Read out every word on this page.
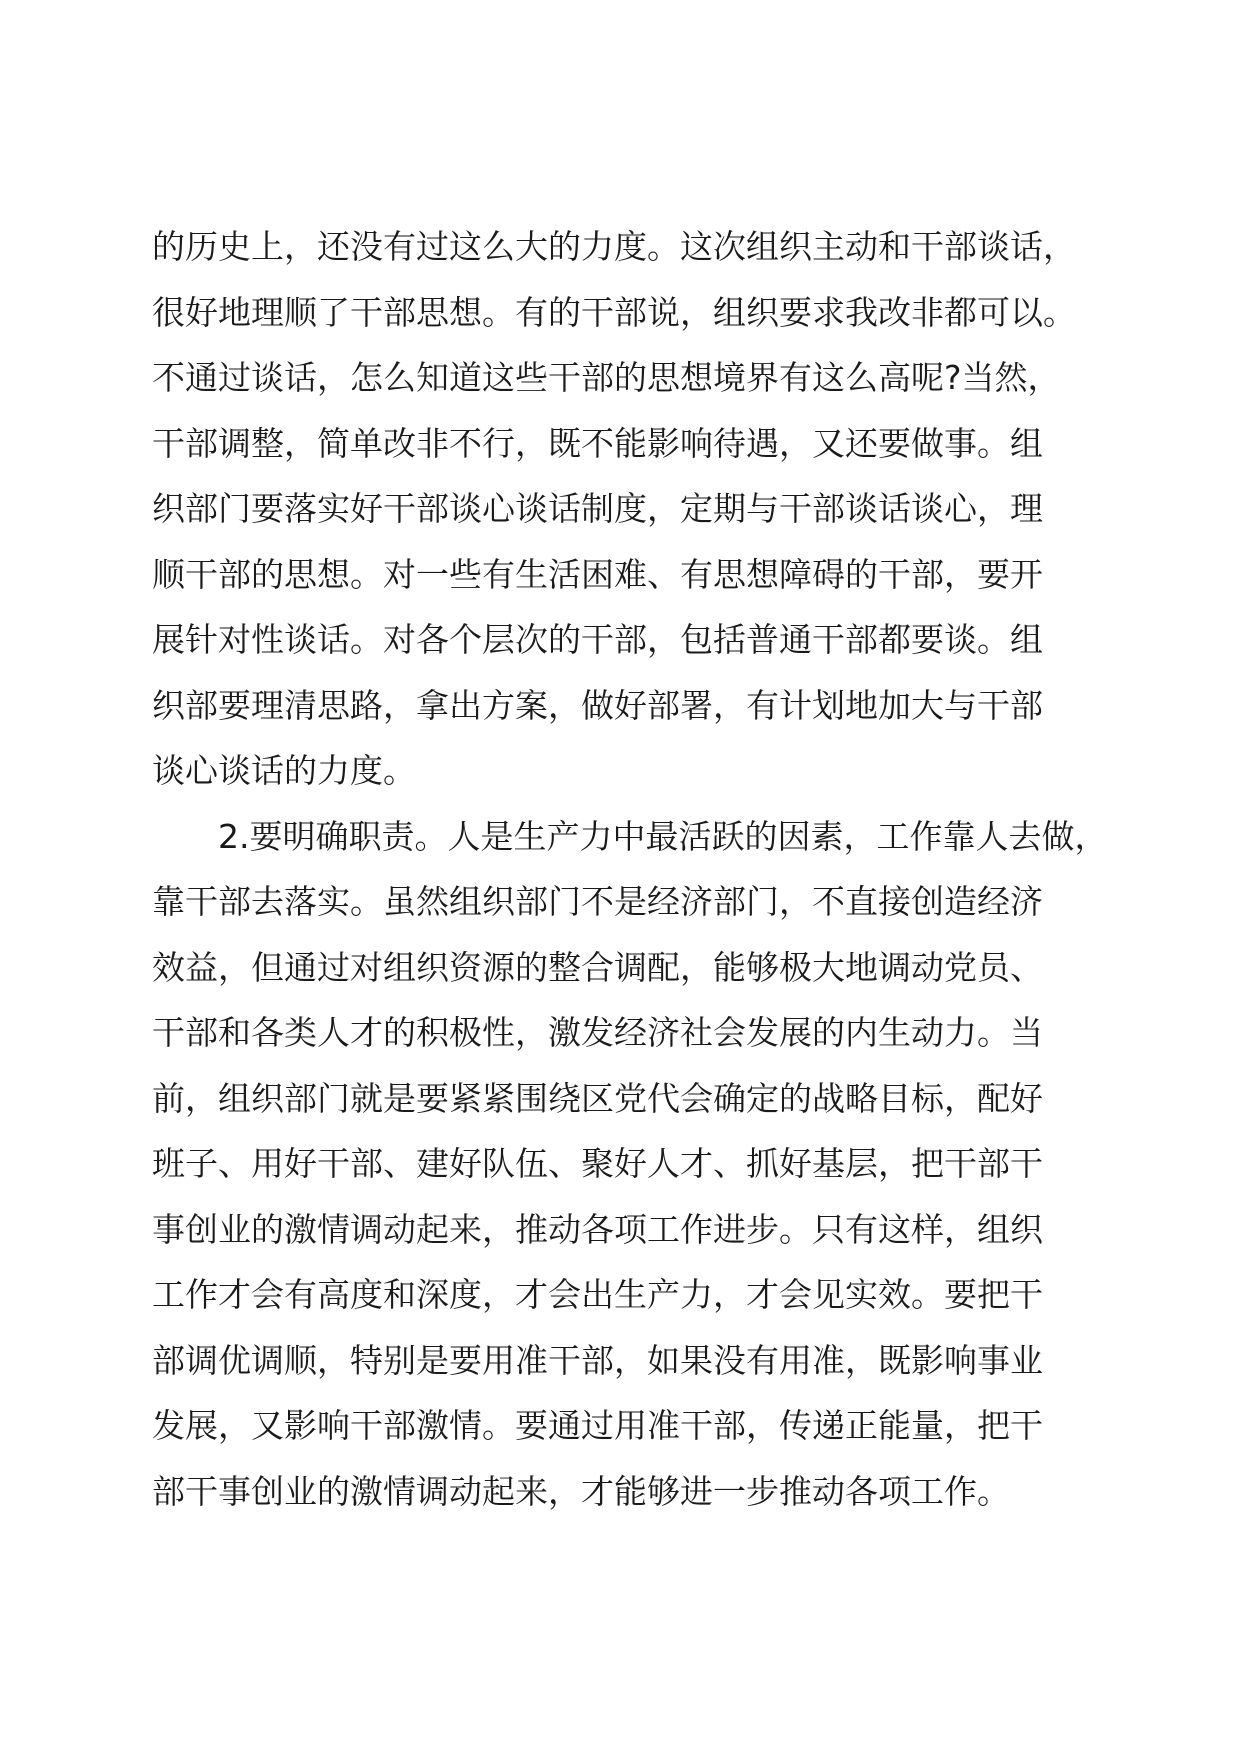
的历史上，还没有过这么大的力度。这次组织主动和干部谈话，
很好地理顺了干部思想。有的干部说，组织要求我改非都可以。
不通过谈话，怎么知道这些干部的思想境界有这么高呢?当然，
干部调整，简单改非不行，既不能影响待遇，又还要做事。组
织部门要落实好干部谈心谈话制度，定期与干部谈话谈心，理
顺干部的思想。对一些有生活困难、有思想障碍的干部，要开
展针对性谈话。对各个层次的干部，包括普通干部都要谈。组
织部要理清思路，拿出方案，做好部署，有计划地加大与干部
谈心谈话的力度。
2.要明确职责。人是生产力中最活跃的因素，工作靠人去做，
靠干部去落实。虽然组织部门不是经济部门，不直接创造经济
效益，但通过对组织资源的整合调配，能够极大地调动党员、
干部和各类人才的积极性，激发经济社会发展的内生动力。当
前，组织部门就是要紧紧围绕区党代会确定的战略目标，配好
班子、用好干部、建好队伍、聚好人才、抓好基层，把干部干
事创业的激情调动起来，推动各项工作进步。只有这样，组织
工作才会有高度和深度，才会出生产力，才会见实效。要把干
部调优调顺，特别是要用准干部，如果没有用准，既影响事业
发展，又影响干部激情。要通过用准干部，传递正能量，把干
部干事创业的激情调动起来，才能够进一步推动各项工作。
